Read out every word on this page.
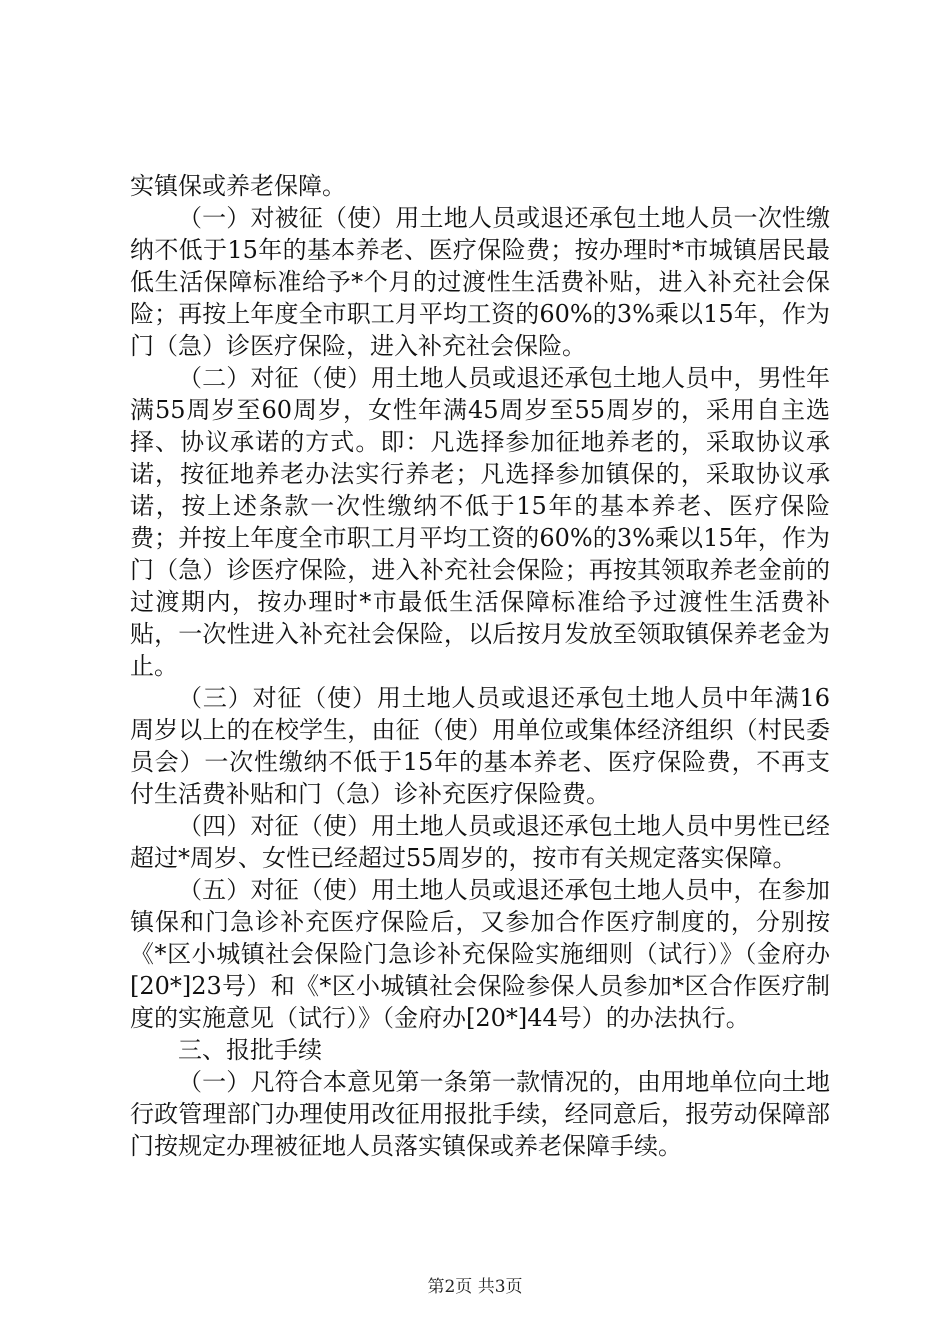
实镇保或养老保障。

（一）对被征（使）用土地人员或退还承包土地人员一次性缴纳不低于15年的基本养老、医疗保险费；按办理时*市城镇居民最低生活保障标准给予*个月的过渡性生活费补贴，进入补充社会保险；再按上年度全市职工月平均工资的60%的3%乘以15年，作为门（急）诊医疗保险，进入补充社会保险。

（二）对征（使）用土地人员或退还承包土地人员中，男性年满55周岁至60周岁，女性年满45周岁至55周岁的，采用自主选择、协议承诺的方式。即：凡选择参加征地养老的，采取协议承诺，按征地养老办法实行养老；凡选择参加镇保的，采取协议承诺，按上述条款一次性缴纳不低于15年的基本养老、医疗保险费；并按上年度全市职工月平均工资的60%的3%乘以15年，作为门（急）诊医疗保险，进入补充社会保险；再按其领取养老金前的过渡期内，按办理时*市最低生活保障标准给予过渡性生活费补贴，一次性进入补充社会保险，以后按月发放至领取镇保养老金为止。

（三）对征（使）用土地人员或退还承包土地人员中年满16周岁以上的在校学生，由征（使）用单位或集体经济组织（村民委员会）一次性缴纳不低于15年的基本养老、医疗保险费，不再支付生活费补贴和门（急）诊补充医疗保险费。

（四）对征（使）用土地人员或退还承包土地人员中男性已经超过*周岁、女性已经超过55周岁的，按市有关规定落实保障。

（五）对征（使）用土地人员或退还承包土地人员中，在参加镇保和门急诊补充医疗保险后，又参加合作医疗制度的，分别按《*区小城镇社会保险门急诊补充保险实施细则（试行）》（金府办[20*]23号）和《*区小城镇社会保险参保人员参加*区合作医疗制度的实施意见（试行）》（金府办[20*]44号）的办法执行。

三、报批手续

（一）凡符合本意见第一条第一款情况的，由用地单位向土地行政管理部门办理使用改征用报批手续，经同意后，报劳动保障部门按规定办理被征地人员落实镇保或养老保障手续。

第2页 共3页
